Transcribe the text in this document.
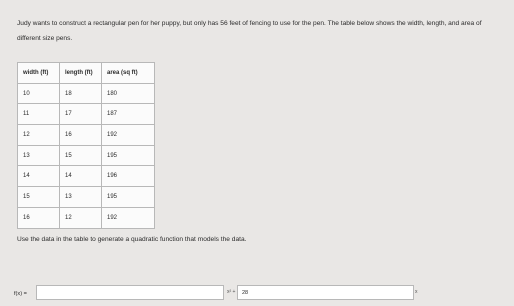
Judy wants to construct a rectangular pen for her puppy, but only has 56 feet of fencing to use for the pen. The table below shows the width, length, and area of different size pens.

width (ft)	length (ft)	area (sq ft)
10	18	180
11	17	187
12	16	192
13	15	195
14	14	196
15	13	195
16	12	192

Use the data in the table to generate a quadratic function that models the data.

f(x) =	x² +	28	x
